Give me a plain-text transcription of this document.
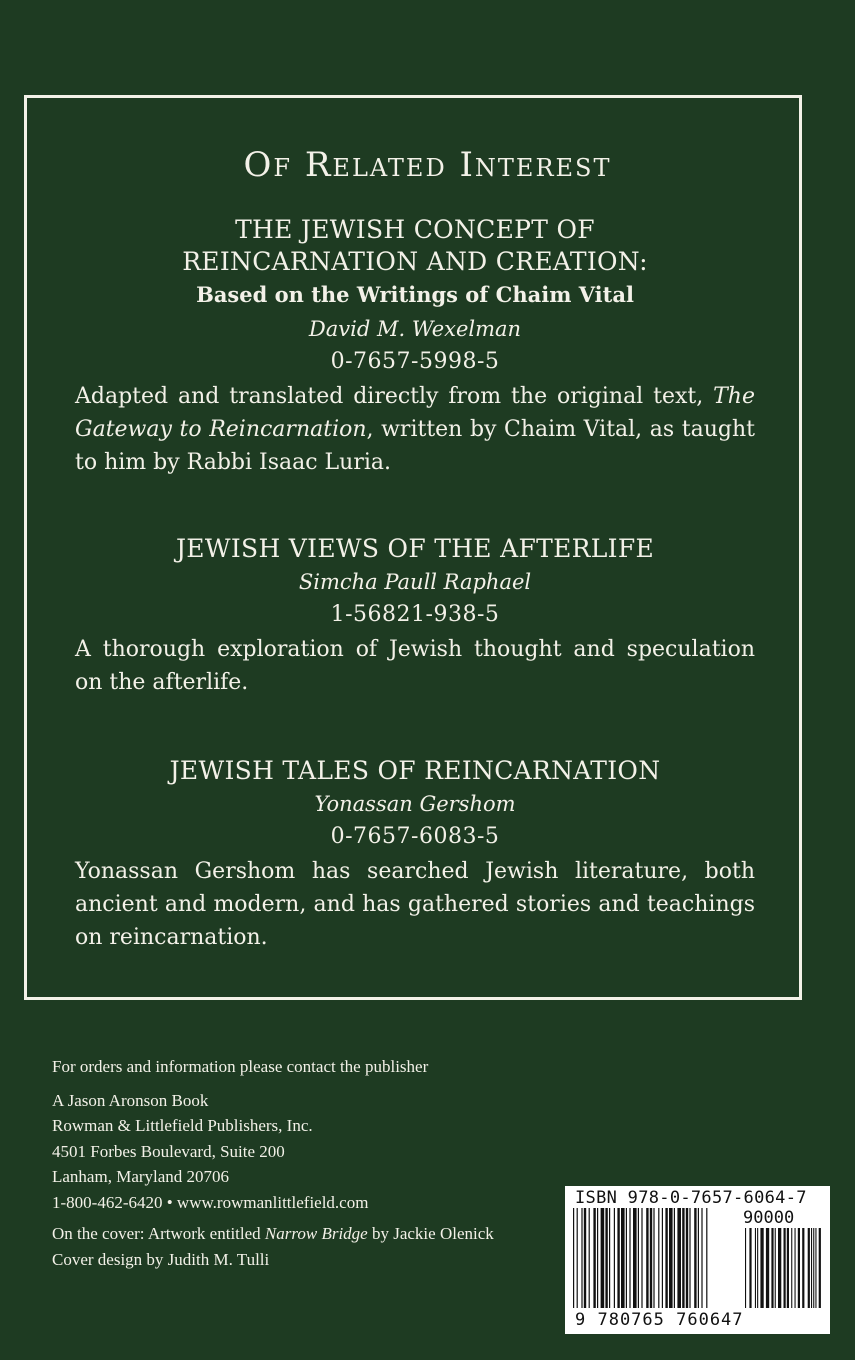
Of Related Interest
THE JEWISH CONCEPT OF
REINCARNATION AND CREATION:
Based on the Writings of Chaim Vital
David M. Wexelman
0-7657-5998-5
Adapted and translated directly from the original text, The Gateway to Reincarnation, written by Chaim Vital, as taught to him by Rabbi Isaac Luria.
JEWISH VIEWS OF THE AFTERLIFE
Simcha Paull Raphael
1-56821-938-5
A thorough exploration of Jewish thought and speculation on the afterlife.
JEWISH TALES OF REINCARNATION
Yonassan Gershom
0-7657-6083-5
Yonassan Gershom has searched Jewish literature, both ancient and modern, and has gathered stories and teachings on reincarnation.
For orders and information please contact the publisher
A Jason Aronson Book
Rowman & Littlefield Publishers, Inc.
4501 Forbes Boulevard, Suite 200
Lanham, Maryland 20706
1-800-462-6420 • www.rowmanlittlefield.com
On the cover: Artwork entitled Narrow Bridge by Jackie Olenick
Cover design by Judith M. Tulli
ISBN 978-0-7657-6064-7
90000
9 780765 760647
